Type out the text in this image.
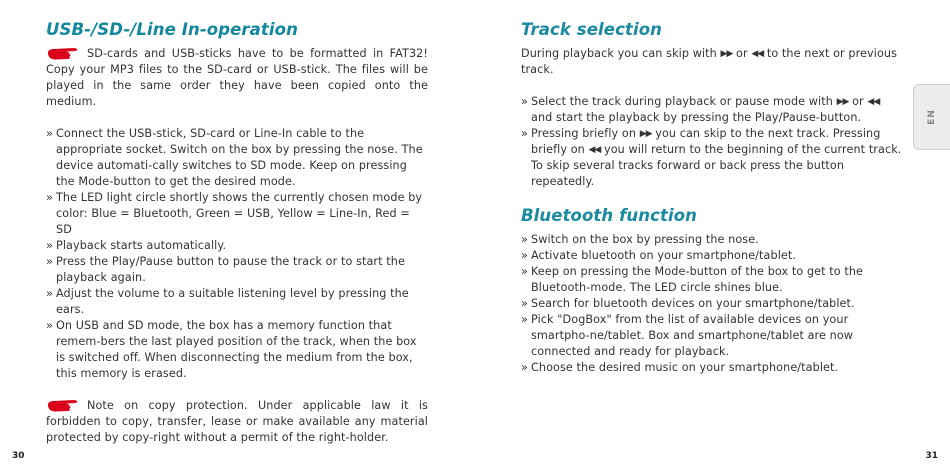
USB-/SD-/Line In-operation
SD-cards and USB-sticks have to be formatted in FAT32! Copy your MP3 files to the SD-card or USB-stick. The files will be played in the same order they have been copied onto the medium.
» Connect the USB-stick, SD-card or Line-In cable to the appropriate socket. Switch on the box by pressing the nose. The device automati-cally switches to SD mode. Keep on pressing the Mode-button to get the desired mode.
» The LED light circle shortly shows the currently chosen mode by color: Blue = Bluetooth, Green = USB, Yellow = Line-In, Red = SD
» Playback starts automatically.
» Press the Play/Pause button to pause the track or to start the playback again.
» Adjust the volume to a suitable listening level by pressing the ears.
» On USB and SD mode, the box has a memory function that remem-bers the last played position of the track, when the box is switched off. When disconnecting the medium from the box, this memory is erased.
Note on copy protection. Under applicable law it is forbidden to copy, transfer, lease or make available any material protected by copy-right without a permit of the right-holder.
Track selection
During playback you can skip with ▶▶ or ◀◀ to the next or previous track.
» Select the track during playback or pause mode with ▶▶ or ◀◀ and start the playback by pressing the Play/Pause-button.
» Pressing briefly on ▶▶ you can skip to the next track. Pressing briefly on ◀◀ you will return to the beginning of the current track. To skip several tracks forward or back press the button repeatedly.
Bluetooth function
» Switch on the box by pressing the nose.
» Activate bluetooth on your smartphone/tablet.
» Keep on pressing the Mode-button of the box to get to the Bluetooth-mode. The LED circle shines blue.
» Search for bluetooth devices on your smartphone/tablet.
» Pick "DogBox" from the list of available devices on your smartpho-ne/tablet. Box and smartphone/tablet are now connected and ready for playback.
» Choose the desired music on your smartphone/tablet.
EN
30	31
